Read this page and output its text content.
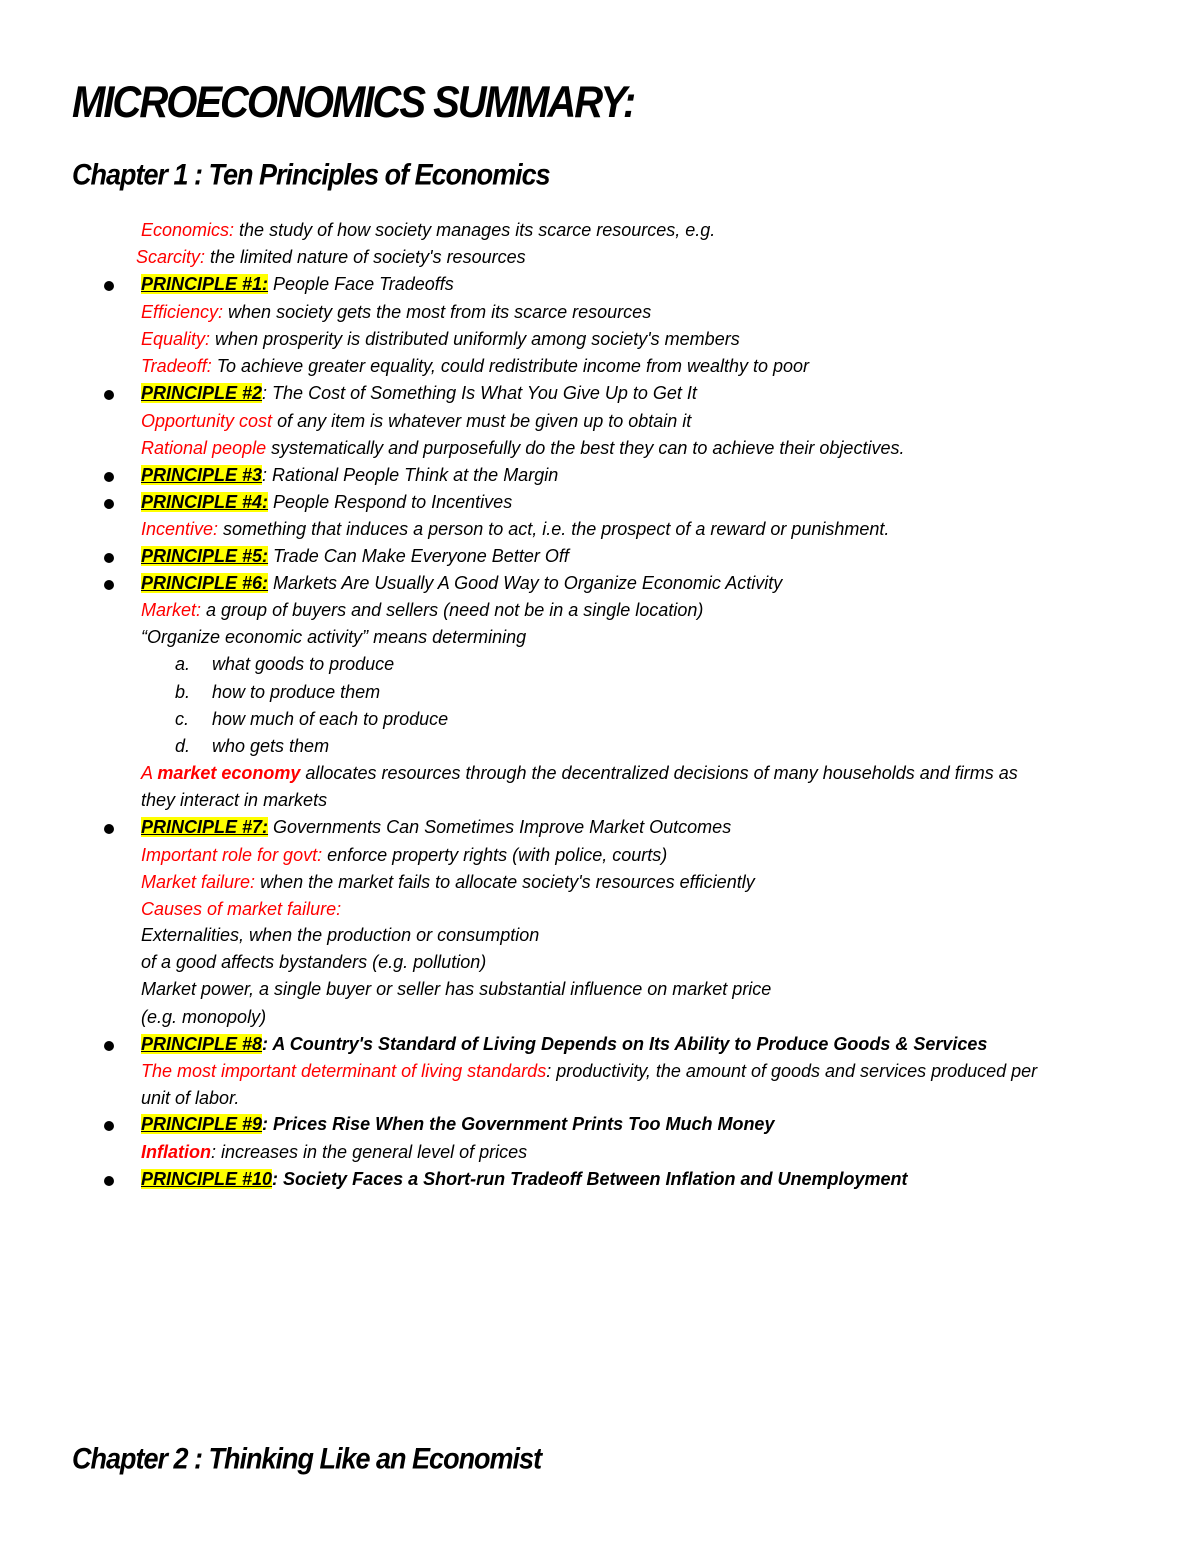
MICROECONOMICS SUMMARY:
Chapter 1 : Ten Principles of Economics
Economics: the study of how society manages its scarce resources, e.g.
Scarcity: the limited nature of society's resources
PRINCIPLE #1: People Face Tradeoffs
Efficiency: when society gets the most from its scarce resources
Equality: when prosperity is distributed uniformly among society's members
Tradeoff: To achieve greater equality, could redistribute income from wealthy to poor
PRINCIPLE #2: The Cost of Something Is What You Give Up to Get It
Opportunity cost of any item is whatever must be given up to obtain it
Rational people systematically and purposefully do the best they can to achieve their objectives.
PRINCIPLE #3: Rational People Think at the Margin
PRINCIPLE #4: People Respond to Incentives
Incentive: something that induces a person to act, i.e. the prospect of a reward or punishment.
PRINCIPLE #5: Trade Can Make Everyone Better Off
PRINCIPLE #6: Markets Are Usually A Good Way to Organize Economic Activity
Market: a group of buyers and sellers (need not be in a single location)
“Organize economic activity” means determining
a. what goods to produce
b. how to produce them
c. how much of each to produce
d. who gets them
A market economy allocates resources through the decentralized decisions of many households and firms as
they interact in markets
PRINCIPLE #7: Governments Can Sometimes Improve Market Outcomes
Important role for govt: enforce property rights (with police, courts)
Market failure: when the market fails to allocate society's resources efficiently
Causes of market failure:
Externalities, when the production or consumption
of a good affects bystanders (e.g. pollution)
Market power, a single buyer or seller has substantial influence on market price
(e.g. monopoly)
PRINCIPLE #8: A Country's Standard of Living Depends on Its Ability to Produce Goods & Services
The most important determinant of living standards: productivity, the amount of goods and services produced per
unit of labor.
PRINCIPLE #9: Prices Rise When the Government Prints Too Much Money
Inflation: increases in the general level of prices
PRINCIPLE #10: Society Faces a Short-run Tradeoff Between Inflation and Unemployment
Chapter 2 : Thinking Like an Economist
